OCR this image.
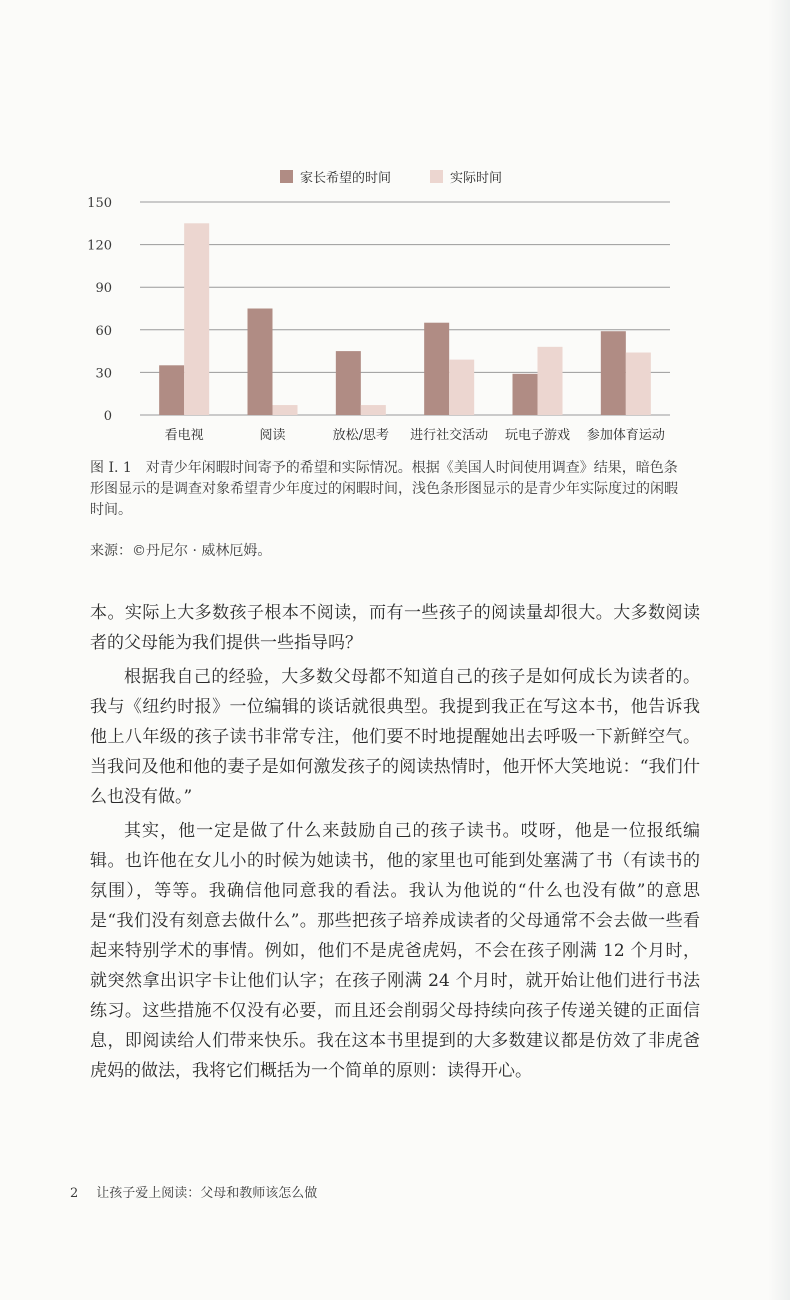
0
30
60
90
120
150
看电视	阅读	放松/思考 进行社交活动 玩电子游戏 参加体育运动
家长希望的时间	实际时间
图 I. 1 对青少年闲暇时间寄予的希望和实际情况。根据《美国人时间使用调查》结果，暗色条形图显示的是调查对象希望青少年度过的闲暇时间，浅色条形图显示的是青少年实际度过的闲暇时间。
来源：©丹尼尔 · 威林厄姆。

本。实际上大多数孩子根本不阅读，而有一些孩子的阅读量却很大。大多数阅读者的父母能为我们提供一些指导吗？

根据我自己的经验，大多数父母都不知道自己的孩子是如何成长为读者的。我与《纽约时报》一位编辑的谈话就很典型。我提到我正在写这本书，他告诉我他上八年级的孩子读书非常专注，他们要不时地提醒她出去呼吸一下新鲜空气。当我问及他和他的妻子是如何激发孩子的阅读热情时，他开怀大笑地说：“我们什么也没有做。”

其实，他一定是做了什么来鼓励自己的孩子读书。哎呀，他是一位报纸编辑。也许他在女儿小的时候为她读书，他的家里也可能到处塞满了书（有读书的氛围），等等。我确信他同意我的看法。我认为他说的“什么也没有做”的意思是“我们没有刻意去做什么”。那些把孩子培养成读者的父母通常不会去做一些看起来特别学术的事情。例如，他们不是虎爸虎妈，不会在孩子刚满 12 个月时，就突然拿出识字卡让他们认字；在孩子刚满 24 个月时，就开始让他们进行书法练习。这些措施不仅没有必要，而且还会削弱父母持续向孩子传递关键的正面信息，即阅读给人们带来快乐。我在这本书里提到的大多数建议都是仿效了非虎爸虎妈的做法，我将它们概括为一个简单的原则：读得开心。

2 让孩子爱上阅读：父母和教师该怎么做
